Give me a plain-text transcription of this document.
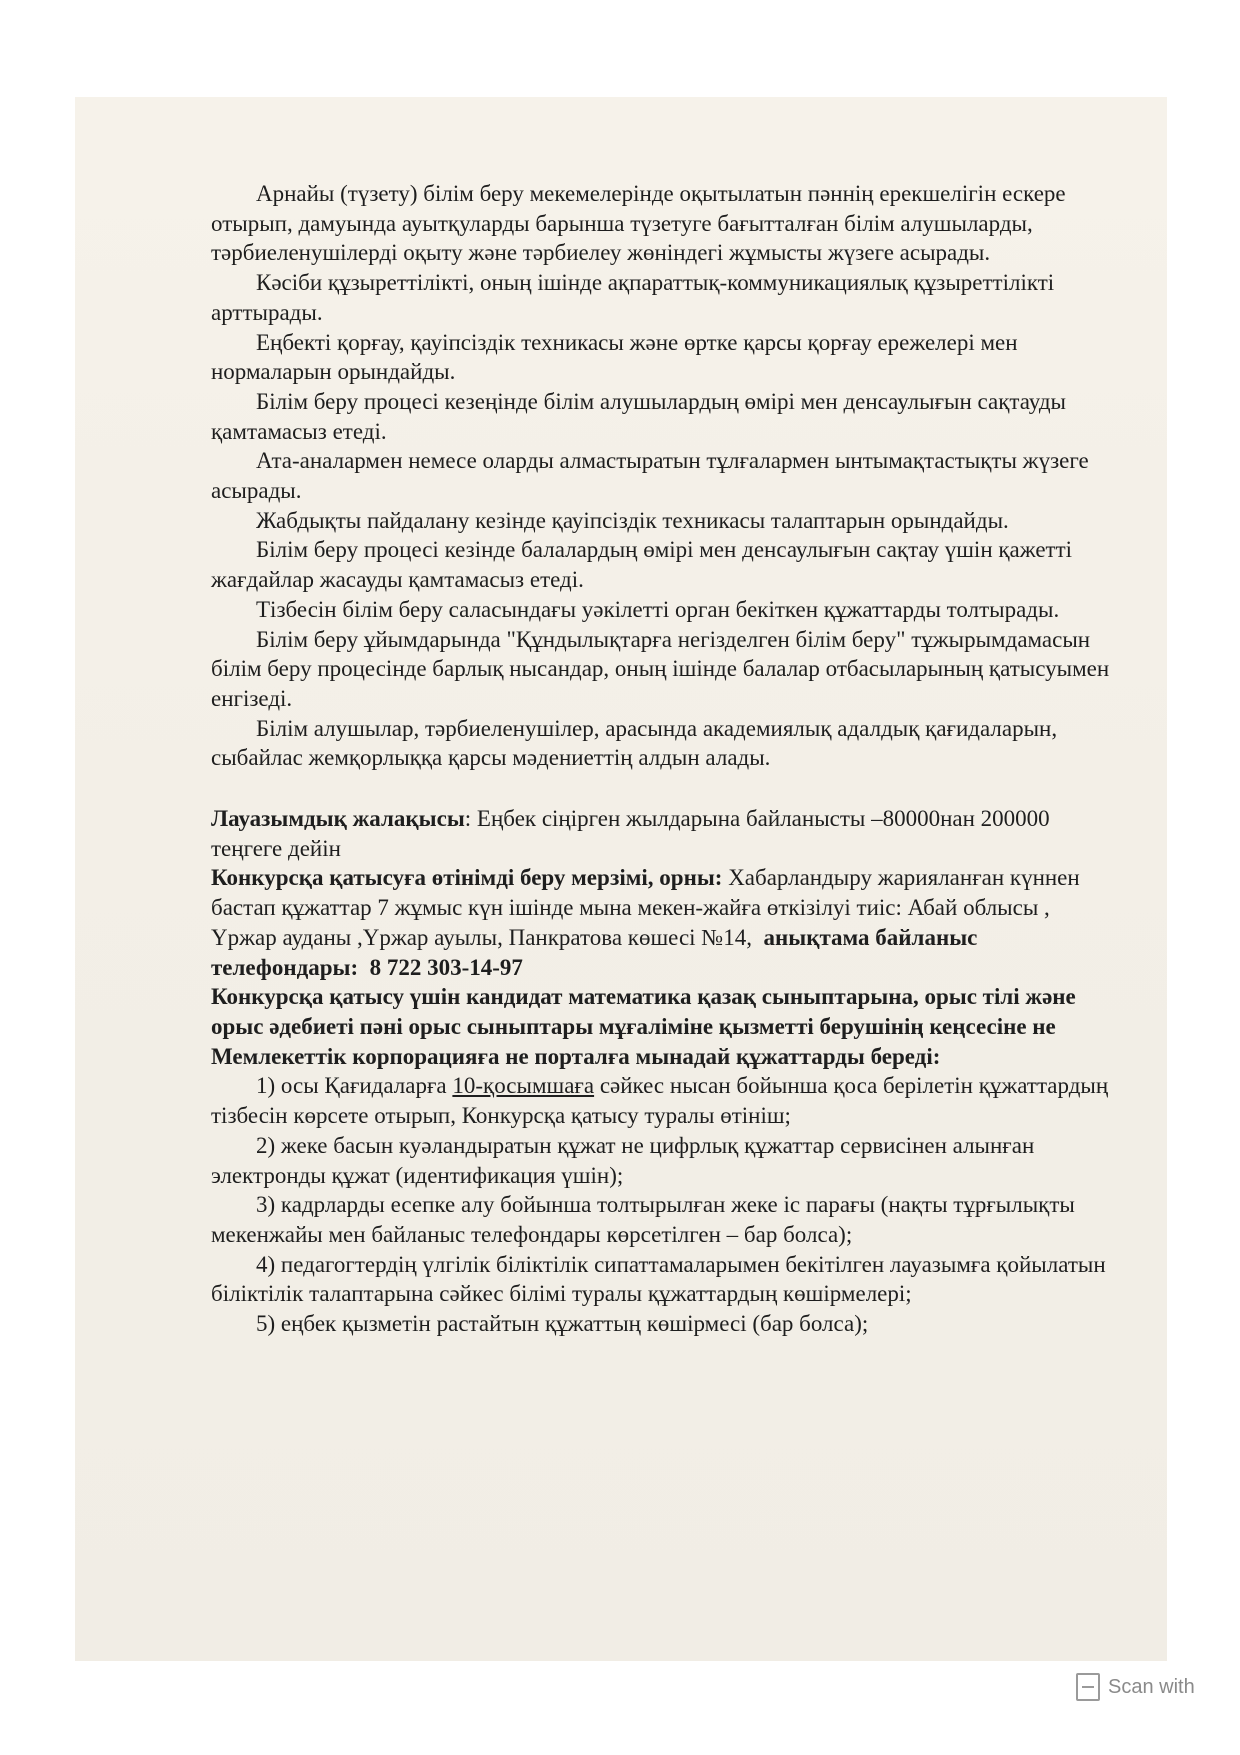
Арнайы (түзету) білім беру мекемелерінде оқытылатын пәннің ерекшелігін ескере отырып, дамуында ауытқуларды барынша түзетуге бағытталған білім алушыларды, тәрбиеленушілерді оқыту және тәрбиелеу жөніндегі жұмысты жүзеге асырады.

Кәсіби құзыреттілікті, оның ішінде ақпараттық-коммуникациялық құзыреттілікті арттырады.

Еңбекті қорғау, қауіпсіздік техникасы және өртке қарсы қорғау ережелері мен нормаларын орындайды.

Білім беру процесі кезеңінде білім алушылардың өмірі мен денсаулығын сақтауды қамтамасыз етеді.

Ата-аналармен немесе оларды алмастыратын тұлғалармен ынтымақтастықты жүзеге асырады.

Жабдықты пайдалану кезінде қауіпсіздік техникасы талаптарын орындайды.

Білім беру процесі кезінде балалардың өмірі мен денсаулығын сақтау үшін қажетті жағдайлар жасауды қамтамасыз етеді.

Тізбесін білім беру саласындағы уәкілетті орган бекіткен құжаттарды толтырады.

Білім беру ұйымдарында "Құндылықтарға негізделген білім беру" тұжырымдамасын білім беру процесінде барлық нысандар, оның ішінде балалар отбасыларының қатысуымен енгізеді.

Білім алушылар, тәрбиеленушілер, арасында академиялық адалдық қағидаларын, сыбайлас жемқорлыққа қарсы мәдениеттің алдын алады.

Лауазымдық жалақысы: Еңбек сіңірген жылдарына байланысты –80000нан 200000 теңгеге дейін

Конкурсқа қатысуға өтінімді беру мерзімі, орны: Хабарландыру жарияланған күннен бастап құжаттар 7 жұмыс күн ішінде мына мекен-жайға өткізілуі тиіс: Абай облысы , Үржар ауданы ,Үржар ауылы, Панкратова көшесі №14, анықтама байланыс телефондары: 8 722 303-14-97

Конкурсқа қатысу үшін кандидат математика қазақ сыныптарына, орыс тілі және орыс әдебиеті пәні орыс сыныптары мұғаліміне қызметті берушінің кеңсесіне не Мемлекеттік корпорацияға не порталға мынадай құжаттарды береді:

1) осы Қағидаларға 10-қосымшаға сәйкес нысан бойынша қоса берілетін құжаттардың тізбесін көрсете отырып, Конкурсқа қатысу туралы өтініш;

2) жеке басын куәландыратын құжат не цифрлық құжаттар сервисінен алынған электронды құжат (идентификация үшін);

3) кадрларды есепке алу бойынша толтырылған жеке іс парағы (нақты тұрғылықты мекенжайы мен байланыс телефондары көрсетілген – бар болса);

4) педагогтердің үлгілік біліктілік сипаттамаларымен бекітілген лауазымға қойылатын біліктілік талаптарына сәйкес білімі туралы құжаттардың көшірмелері;

5) еңбек қызметін растайтын құжаттың көшірмесі (бар болса);

Scan with
